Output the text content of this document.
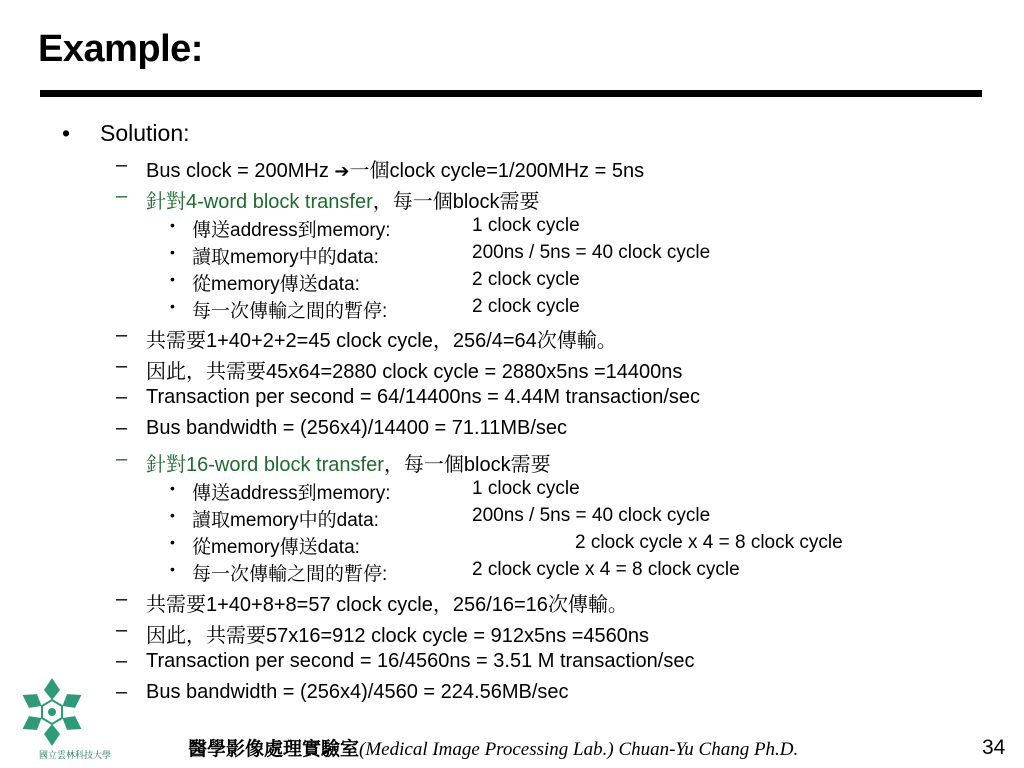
Example:
• Solution:
– Bus clock = 200MHz ➔一個clock cycle=1/200MHz = 5ns
– 針對4-word block transfer，每一個block需要
• 傳送address到memory:	1 clock cycle
• 讀取memory中的data:	200ns / 5ns = 40 clock cycle
• 從memory傳送data:	2 clock cycle
• 每一次傳輸之間的暫停:	2 clock cycle
– 共需要1+40+2+2=45 clock cycle，256/4=64次傳輸。
– 因此，共需要45x64=2880 clock cycle = 2880x5ns =14400ns
– Transaction per second = 64/14400ns = 4.44M transaction/sec
– Bus bandwidth = (256x4)/14400 = 71.11MB/sec
– 針對16-word block transfer，每一個block需要
• 傳送address到memory:	1 clock cycle
• 讀取memory中的data:	200ns / 5ns = 40 clock cycle
• 從memory傳送data:	2 clock cycle x 4 = 8 clock cycle
• 每一次傳輸之間的暫停:	2 clock cycle x 4 = 8 clock cycle
– 共需要1+40+8+8=57 clock cycle，256/16=16次傳輸。
– 因此，共需要57x16=912 clock cycle = 912x5ns =4560ns
– Transaction per second = 16/4560ns = 3.51 M transaction/sec
– Bus bandwidth = (256x4)/4560 = 224.56MB/sec
國立雲林科技大學	醫學影像處理實驗室(Medical Image Processing Lab.) Chuan-Yu Chang Ph.D.	34
